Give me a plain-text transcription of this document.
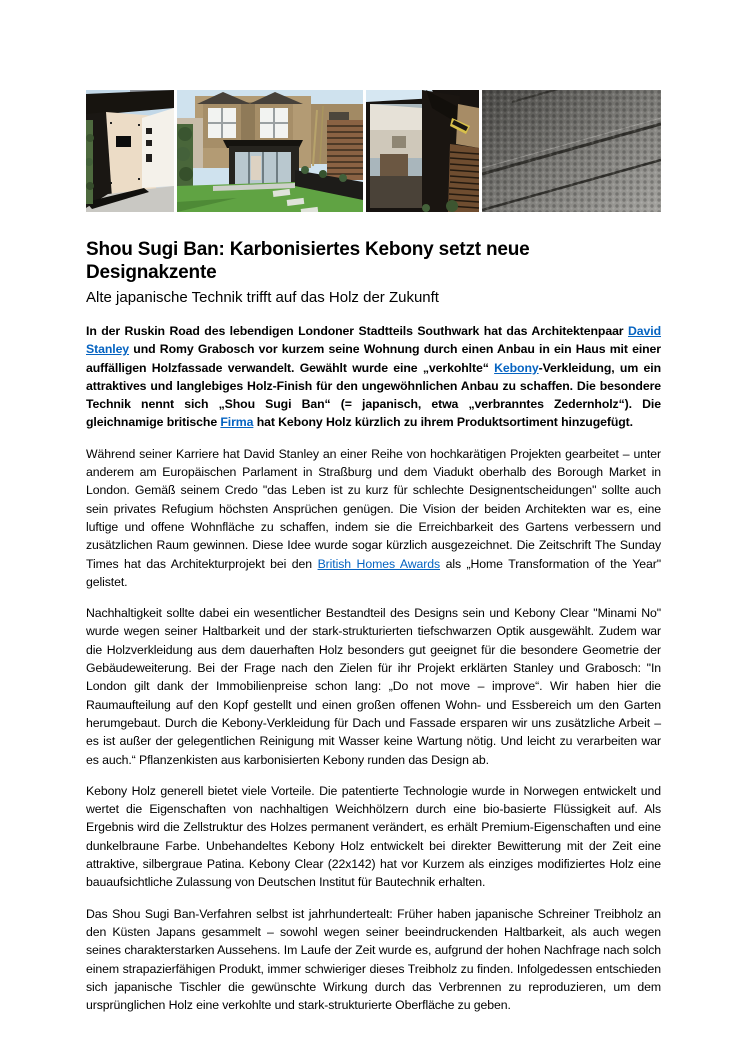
Shou Sugi Ban: Karbonisiertes Kebony setzt neue Designakzente

Alte japanische Technik trifft auf das Holz der Zukunft

In der Ruskin Road des lebendigen Londoner Stadtteils Southwark hat das Architektenpaar David Stanley und Romy Grabosch vor kurzem seine Wohnung durch einen Anbau in ein Haus mit einer auffälligen Holzfassade verwandelt. Gewählt wurde eine „verkohlte“ Kebony-Verkleidung, um ein attraktives und langlebiges Holz-Finish für den ungewöhnlichen Anbau zu schaffen. Die besondere Technik nennt sich „Shou Sugi Ban“ (= japanisch, etwa „verbranntes Zedernholz“). Die gleichnamige britische Firma hat Kebony Holz kürzlich zu ihrem Produktsortiment hinzugefügt.

Während seiner Karriere hat David Stanley an einer Reihe von hochkarätigen Projekten gearbeitet – unter anderem am Europäischen Parlament in Straßburg und dem Viadukt oberhalb des Borough Market in London. Gemäß seinem Credo "das Leben ist zu kurz für schlechte Designentscheidungen" sollte auch sein privates Refugium höchsten Ansprüchen genügen. Die Vision der beiden Architekten war es, eine luftige und offene Wohnfläche zu schaffen, indem sie die Erreichbarkeit des Gartens verbessern und zusätzlichen Raum gewinnen. Diese Idee wurde sogar kürzlich ausgezeichnet. Die Zeitschrift The Sunday Times hat das Architekturprojekt bei den British Homes Awards als „Home Transformation of the Year" gelistet.

Nachhaltigkeit sollte dabei ein wesentlicher Bestandteil des Designs sein und Kebony Clear "Minami No" wurde wegen seiner Haltbarkeit und der stark-strukturierten tiefschwarzen Optik ausgewählt. Zudem war die Holzverkleidung aus dem dauerhaften Holz besonders gut geeignet für die besondere Geometrie der Gebäudeweiterung. Bei der Frage nach den Zielen für ihr Projekt erklärten Stanley und Grabosch: "In London gilt dank der Immobilienpreise schon lang: „Do not move – improve“. Wir haben hier die Raumaufteilung auf den Kopf gestellt und einen großen offenen Wohn- und Essbereich um den Garten herumgebaut. Durch die Kebony-Verkleidung für Dach und Fassade ersparen wir uns zusätzliche Arbeit – es ist außer der gelegentlichen Reinigung mit Wasser keine Wartung nötig. Und leicht zu verarbeiten war es auch.“ Pflanzenkisten aus karbonisierten Kebony runden das Design ab.

Kebony Holz generell bietet viele Vorteile. Die patentierte Technologie wurde in Norwegen entwickelt und wertet die Eigenschaften von nachhaltigen Weichhölzern durch eine bio-basierte Flüssigkeit auf. Als Ergebnis wird die Zellstruktur des Holzes permanent verändert, es erhält Premium-Eigenschaften und eine dunkelbraune Farbe. Unbehandeltes Kebony Holz entwickelt bei direkter Bewitterung mit der Zeit eine attraktive, silbergraue Patina. Kebony Clear (22x142) hat vor Kurzem als einziges modifiziertes Holz eine bauaufsichtliche Zulassung von Deutschen Institut für Bautechnik erhalten.

Das Shou Sugi Ban-Verfahren selbst ist jahrhundertealt: Früher haben japanische Schreiner Treibholz an den Küsten Japans gesammelt – sowohl wegen seiner beeindruckenden Haltbarkeit, als auch wegen seines charakterstarken Aussehens. Im Laufe der Zeit wurde es, aufgrund der hohen Nachfrage nach solch einem strapazierfähigen Produkt, immer schwieriger dieses Treibholz zu finden. Infolgedessen entschieden sich japanische Tischler die gewünschte Wirkung durch das Verbrennen zu reproduzieren, um dem ursprünglichen Holz eine verkohlte und stark-strukturierte Oberfläche zu geben.
